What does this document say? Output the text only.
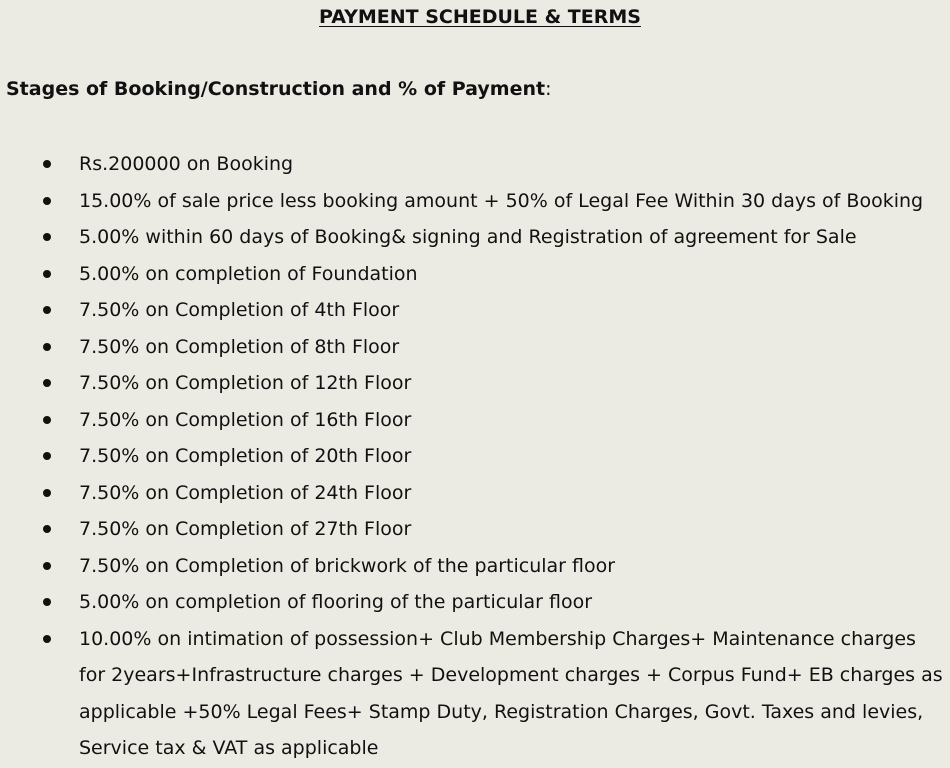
PAYMENT SCHEDULE & TERMS
Stages of Booking/Construction and % of Payment:
Rs.200000 on Booking
15.00% of sale price less booking amount + 50% of Legal Fee Within 30 days of Booking
5.00% within 60 days of Booking& signing and Registration of agreement for Sale
5.00% on completion of Foundation
7.50% on Completion of 4th Floor
7.50% on Completion of 8th Floor
7.50% on Completion of 12th Floor
7.50% on Completion of 16th Floor
7.50% on Completion of 20th Floor
7.50% on Completion of 24th Floor
7.50% on Completion of 27th Floor
7.50% on Completion of brickwork of the particular floor
5.00% on completion of flooring of the particular floor
10.00% on intimation of possession+ Club Membership Charges+ Maintenance charges for 2years+Infrastructure charges + Development charges + Corpus Fund+ EB charges as applicable +50% Legal Fees+ Stamp Duty, Registration Charges, Govt. Taxes and levies, Service tax & VAT as applicable
